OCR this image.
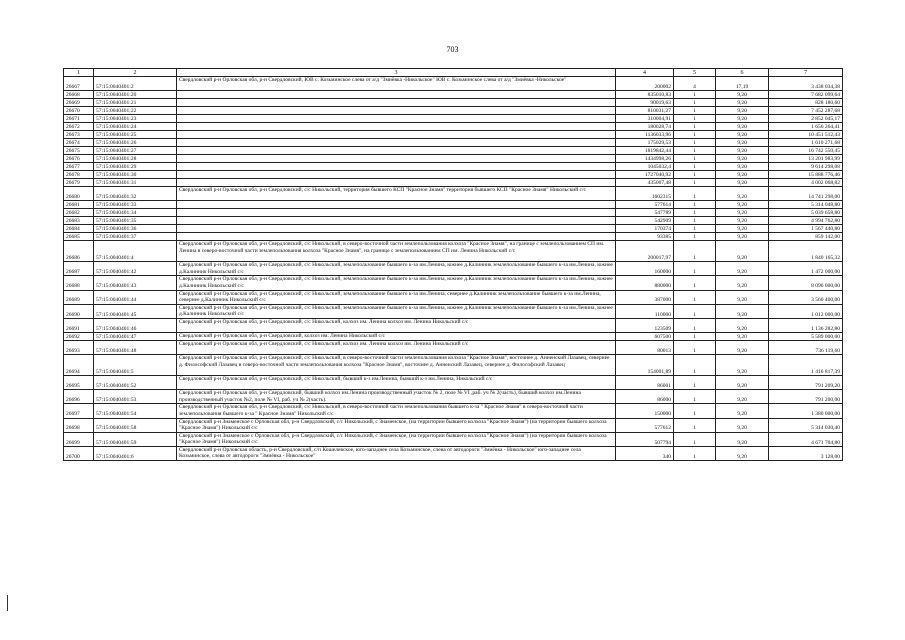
703
1	2	3	4	5	6	7
26667	57:15:0040401:2	Свердловский р-н Орловская обл, р-н Свердловский, ЮВ с. Козьминское слева от а/д "Змиёвка -Никольское" ЮВ с. Козьминское слева от а/д "Змиёвка -Никольское"	200002	4	17,19	3 438 034,38
26668	57:15:0040401:20		835010,83	1	9,20	7 682 099,64
26669	57:15:0040401:21		90019,63	1	9,20	828 180,60
26670	57:15:0040401:22		810031,27	1	9,20	7 452 287,68
26671	57:15:0040401:23		310004,91	1	9,20	2 852 045,17
26672	57:15:0040401:24		180028,74	1	9,20	1 656 264,41
26673	57:15:0040401:25		1136033,96	1	9,20	10 451 512,43
26674	57:15:0040401:26		175029,53	1	9,20	1 610 271,68
26675	57:15:0040401:27		1819842,44	1	9,20	16 742 550,45
26676	57:15:0040401:28		1434998,26	1	9,20	13 201 983,99
26677	57:15:0040401:29		1045032,4	1	9,20	9 614 298,08
26678	57:15:0040401:30		1727040,92	1	9,20	15 888 776,46
26679	57:15:0040401:31		435007,48	1	9,20	4 002 068,82
26680	57:15:0040401:32	Свердловский р-н Орловская обл, р-н Свердловский, с/с Никольский, территория бывшего КСП "Красное Знамя" территория бывшего КСП "Красное Знамя" Никольский с/с	1602315	1	9,20	14 741 298,00
26681	57:15:0040401:33		577614	1	9,20	5 314 048,80
26682	57:15:0040401:34		547789	1	9,20	5 039 658,80
26683	57:15:0040401:35		542909	1	9,20	4 994 762,80
26684	57:15:0040401:36		170374	1	9,20	1 567 440,80
26685	57:15:0040401:37		93385	1	9,20	859 142,00
26686	57:15:0040401:4	Свердловский р-н Орловская обл, р-н Свердловский, с/с Никольский, в северо-восточной части землепользования колхоза "Красное Знамя", на границе с землепользованием СП им. Ленина в северо-восточной части землепользования колхоза "Красное Знамя", на границе с землепользованием СП им. Ленина Никольский с/с	200017,97	1	9,20	1 840 165,32
26687	57:15:0040401:42	Свердловский р-н Орловская обл, р-н Свердловский, с/с Никольский, землепользование бывшего к-за им.Ленина, южнее д.Калинник землепользование бывшего к-за им.Ленина, южнее д.Калинник Никольский с/с	160000	1	9,20	1 472 000,00
26688	57:15:0040401:43	Свердловский р-н Орловская обл, р-н Свердловский, с/с Никольский, землепользование бывшего к-за им.Ленина, южнее д.Калинник землепользование бывшего к-за им.Ленина, южнее д.Калинник Никольский с/с	880000	1	9,20	8 096 000,00
26689	57:15:0040401:44	Свердловский р-н Орловская обл, р-н Свердловский, с/с Никольский, землепользование бывшего к-за им.Ленина, севернее д.Калинник землепользование бывшего к-за им.Ленина, севернее д.Калинник Никольский с/с	387000	1	9,20	3 560 400,00
26690	57:15:0040401:45	Свердловский р-н Орловская обл, р-н Свердловский, с/с Никольский, землепользование бывшего к-за им.Ленина, южнее д.Калинник землепользование бывшего к-за им.Ленина, южнее д.Калинник Никольский с/с	110000	1	9,20	1 012 000,00
26691	57:15:0040401:46	Свердловский р-н Орловская обл, р-н Свердловский, с/с Никольский, колхоз им. Ленина колхоз им. Ленина Никольский с/с	123509	1	9,20	1 136 282,80
26692	57:15:0040401:47	Свердловский р-н Орловская обл, р-н Свердловский, колхоз им. Ленина Никольский с/с	607500	1	9,20	5 589 000,00
26693	57:15:0040401:48	Свердловский р-н Орловская обл, р-н Свердловский, с/с Никольский, колхоз им. Ленина колхоз им. Ленина Никольский с/с	80013	1	9,20	736 119,60
26694	57:15:0040401:5	Свердловский р-н Орловская обл, р-н Свердловский, с/с Никольский, в северо-восточной части землепользования колхоза "Красное Знамя", восточнее д. Анненский Лазавец, севернее д. Философский Лазавец в северо-восточной части землепользования колхоза "Красное Знамя", восточнее д. Анненский Лазавец, севернее д. Философский Лазавец	154001,89	1	9,20	1 416 817,39
26695	57:15:0040401:52	Свердловский р-н Орловская обл, р-н Свердловский, с/с Никольский, бывший к-з им.Ленина, бывший к-з им.Ленина, Никольский с/с	86001	1	9,20	791 209,20
26696	57:15:0040401:53	Свердловский р-н Орловская обл, р-н Свердловский, бывший колхоз им.Ленина производственный участок № 2, поле № VI ,раб. уч № 2(часть), бывший колхоз им.Ленина производственный участок №2, поле № VI, раб. уч № 2(часть).	86000	1	9,20	791 200,00
26697	57:15:0040401:54	Свердловский р-н Орловская обл, р-н Свердловский, с/с Никольский, в северо-восточной части землепользования бывшего к-за " Красное Знамя" в северо-восточной части землепользования бывшего к-за " Красное Знамя" Никольский с/с	150000	1	9,20	1 380 000,00
26698	57:15:0040401:58	Свердловский р-н Знаменское с Орловская обл, р-н Свердловский, с/с Никольский, с Знаменское, (на территории бывшего колхоза "Красное Знамя") (на территории бывшего колхоза "Красное Знамя") Никольский с/с	577612	1	9,20	5 314 030,40
26699	57:15:0040401:59	Свердловский р-н Знаменское с Орловская обл, р-н Свердловский, с/с Никольский, с Знаменское, (на территории бывшего колхоза "Красное Знамя") (на территории бывшего колхоза "Красное Знамя") Никольский с/с	507794	1	9,20	4 671 704,80
26700	57:15:0040401:6	Свердловский р-н Орловская область, р-н Свердловский, с/п Кошелевское, юго-западнее села Козьминское, слева от автодороги "Змиёвка - Никольское" юго-западнее села Козьминское, слева от автодороги "Змиёвка - Никольское"	340	1	9,20	3 128,00
